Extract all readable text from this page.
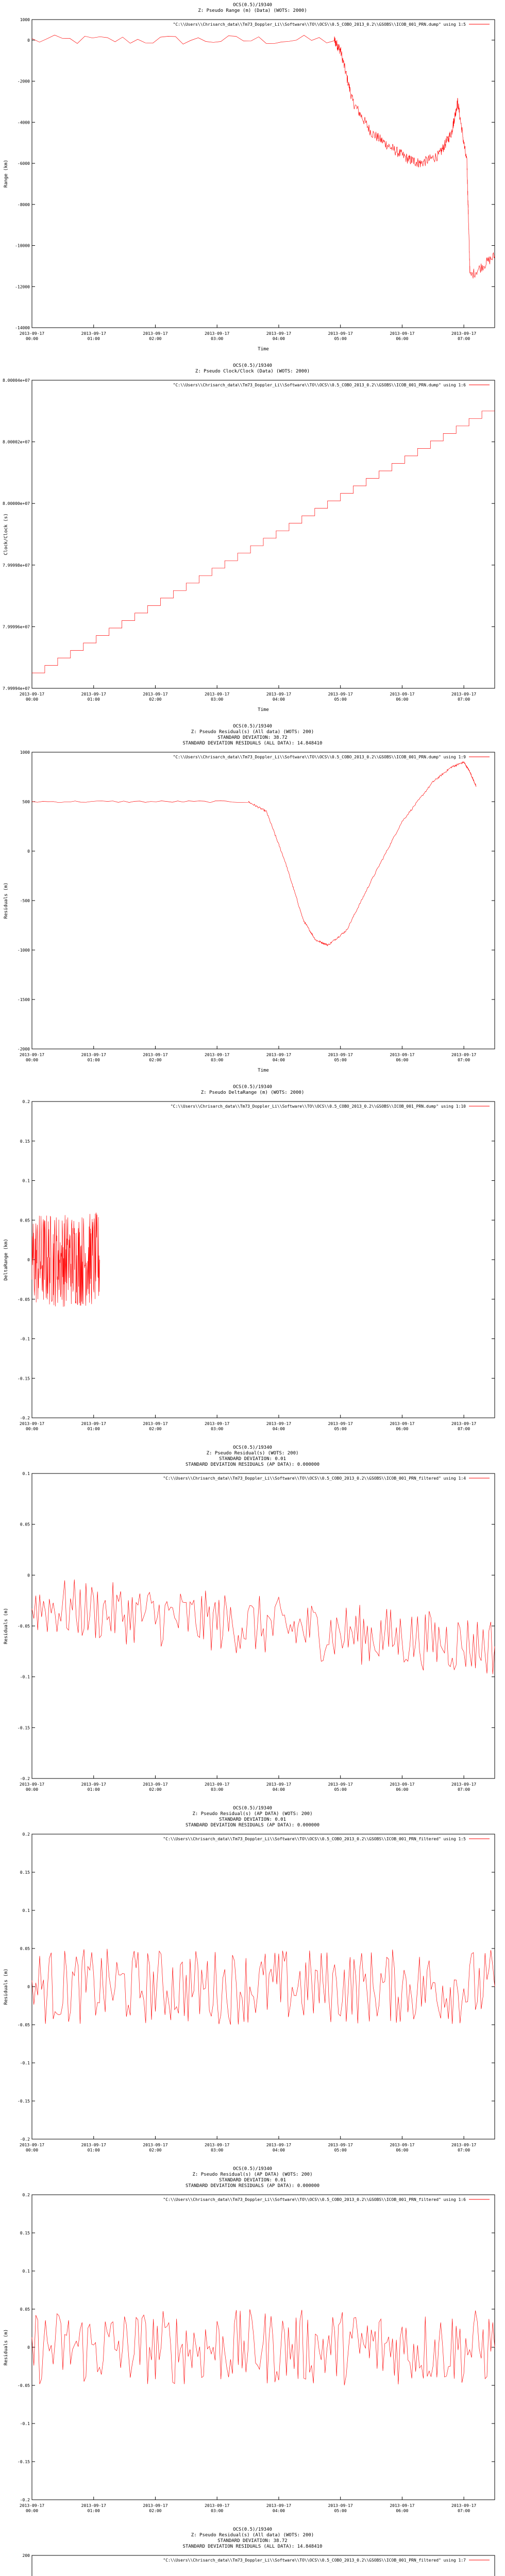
OCS(0.5)/19340
Z: Pseudo Range (m) (Data) (WOTS: 2000)
"C:\\Users\\Chrisarch_data\\Tm73_Doppler_Li\\Software\\TO\\OCS\\0.5_COBO_2013_0.2\\GSOBS\\ICOB_001_PRN.dump" using 1:5
1000
0
-2000
-4000
-6000
-8000
-10000
-12000
-14000
2013-09-17
00:00
2013-09-17
01:00
2013-09-17
02:00
2013-09-17
03:00
2013-09-17
04:00
2013-09-17
05:00
2013-09-17
06:00
2013-09-17
07:00
Range (km)
Time
OCS(0.5)/19340
Z: Pseudo Clock/Clock (Data) (WOTS: 2000)
"C:\\Users\\Chrisarch_data\\Tm73_Doppler_Li\\Software\\TO\\OCS\\0.5_COBO_2013_0.2\\GSOBS\\ICOB_001_PRN.dump" using 1:6
8.00004e+07
8.00002e+07
8.00000e+07
7.99998e+07
7.99996e+07
7.99994e+07
2013-09-17
00:00
2013-09-17
01:00
2013-09-17
02:00
2013-09-17
03:00
2013-09-17
04:00
2013-09-17
05:00
2013-09-17
06:00
2013-09-17
07:00
Clock/Clock (s)
Time
OCS(0.5)/19340
Z: Pseudo Residual(s) (All data) (WOTS: 200)
STANDARD DEVIATION: 38.72
STANDARD DEVIATION RESIDUALS (ALL DATA): 14.848410
"C:\\Users\\Chrisarch_data\\Tm73_Doppler_Li\\Software\\TO\\OCS\\0.5_COBO_2013_0.2\\GSOBS\\ICOB_001_PRN.dump" using 1:9
1000
500
0
-500
-1000
-1500
-2000
2013-09-17
00:00
2013-09-17
01:00
2013-09-17
02:00
2013-09-17
03:00
2013-09-17
04:00
2013-09-17
05:00
2013-09-17
06:00
2013-09-17
07:00
Residuals (m)
Time
OCS(0.5)/19340
Z: Pseudo DeltaRange (m) (WOTS: 2000)
"C:\\Users\\Chrisarch_data\\Tm73_Doppler_Li\\Software\\TO\\OCS\\0.5_COBO_2013_0.2\\GSOBS\\ICOB_001_PRN.dump" using 1:10
0.2
0.15
0.1
0.05
0
-0.05
-0.1
-0.15
-0.2
2013-09-17
00:00
2013-09-17
01:00
2013-09-17
02:00
2013-09-17
03:00
2013-09-17
04:00
2013-09-17
05:00
2013-09-17
06:00
2013-09-17
07:00
DeltaRange (km)
OCS(0.5)/19340
Z: Pseudo Residual(s) (WOTS: 200)
STANDARD DEVIATION: 0.01
STANDARD DEVIATION RESIDUALS (AP DATA): 0.000000
"C:\\Users\\Chrisarch_data\\Tm73_Doppler_Li\\Software\\TO\\OCS\\0.5_COBO_2013_0.2\\GSOBS\\ICOB_001_PRN_filtered" using 1:4
0.1
0.05
0
-0.05
-0.1
-0.15
-0.2
2013-09-17
00:00
2013-09-17
01:00
2013-09-17
02:00
2013-09-17
03:00
2013-09-17
04:00
2013-09-17
05:00
2013-09-17
06:00
2013-09-17
07:00
Residuals (m)
OCS(0.5)/19340
Z: Pseudo Residual(s) (AP DATA) (WOTS: 200)
STANDARD DEVIATION: 0.01
STANDARD DEVIATION RESIDUALS (AP DATA): 0.000000
"C:\\Users\\Chrisarch_data\\Tm73_Doppler_Li\\Software\\TO\\OCS\\0.5_COBO_2013_0.2\\GSOBS\\ICOB_001_PRN_filtered" using 1:5
0.2
0.15
0.1
0.05
0
-0.05
-0.1
-0.15
-0.2
2013-09-17
00:00
2013-09-17
01:00
2013-09-17
02:00
2013-09-17
03:00
2013-09-17
04:00
2013-09-17
05:00
2013-09-17
06:00
2013-09-17
07:00
Residuals (m)
OCS(0.5)/19340
Z: Pseudo Residual(s) (AP DATA) (WOTS: 200)
STANDARD DEVIATION: 0.01
STANDARD DEVIATION RESIDUALS (AP DATA): 0.000000
"C:\\Users\\Chrisarch_data\\Tm73_Doppler_Li\\Software\\TO\\OCS\\0.5_COBO_2013_0.2\\GSOBS\\ICOB_001_PRN_filtered" using 1:6
0.2
0.15
0.1
0.05
0
-0.05
-0.1
-0.15
-0.2
2013-09-17
00:00
2013-09-17
01:00
2013-09-17
02:00
2013-09-17
03:00
2013-09-17
04:00
2013-09-17
05:00
2013-09-17
06:00
2013-09-17
07:00
Residuals (m)
OCS(0.5)/19340
Z: Pseudo Residual(s) (All data) (WOTS: 200)
STANDARD DEVIATION: 38.72
STANDARD DEVIATION RESIDUALS (ALL DATA): 14.848410
"C:\\Users\\Chrisarch_data\\Tm73_Doppler_Li\\Software\\TO\\OCS\\0.5_COBO_2013_0.2\\GSOBS\\ICOB_001_PRN_filtered" using 1:7
200
